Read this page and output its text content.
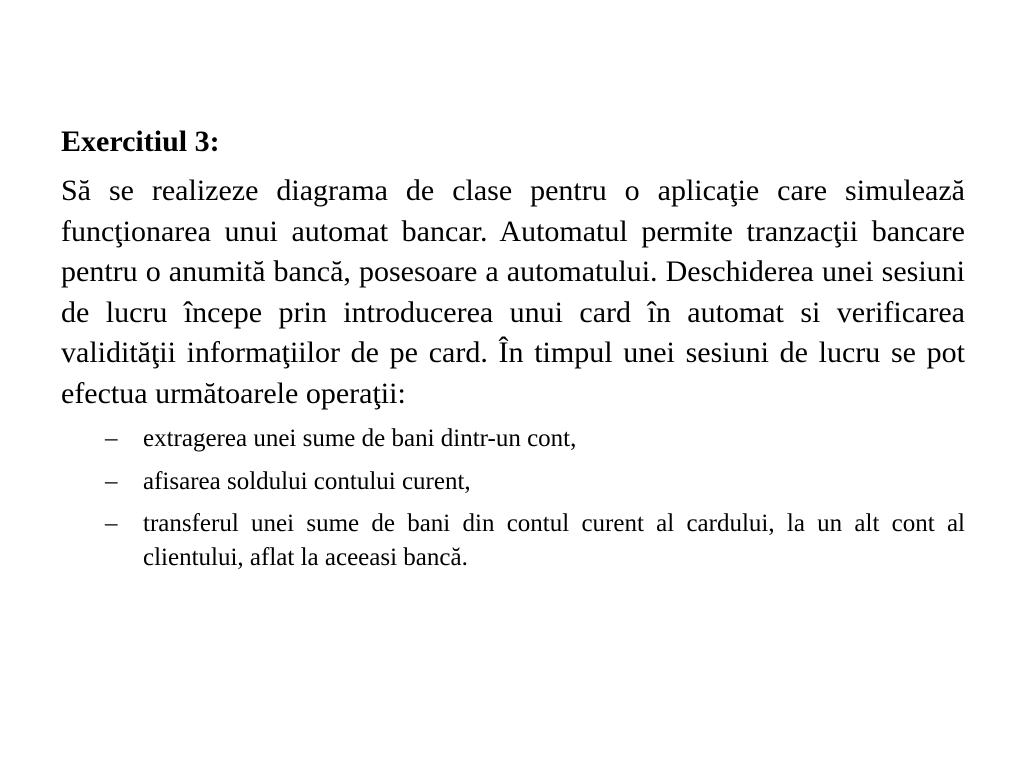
Exercitiul 3:

Să se realizeze diagrama de clase pentru o aplicaţie care simulează funcţionarea unui automat bancar. Automatul permite tranzacţii bancare pentru o anumită bancă, posesoare a automatului. Deschiderea unei sesiuni de lucru începe prin introducerea unui card în automat si verificarea validităţii informaţiilor de pe card. În timpul unei sesiuni de lucru se pot efectua următoarele operaţii:

– extragerea unei sume de bani dintr-un cont,
– afisarea soldului contului curent,
– transferul unei sume de bani din contul curent al cardului, la un alt cont al clientului, aflat la aceeasi bancă.
